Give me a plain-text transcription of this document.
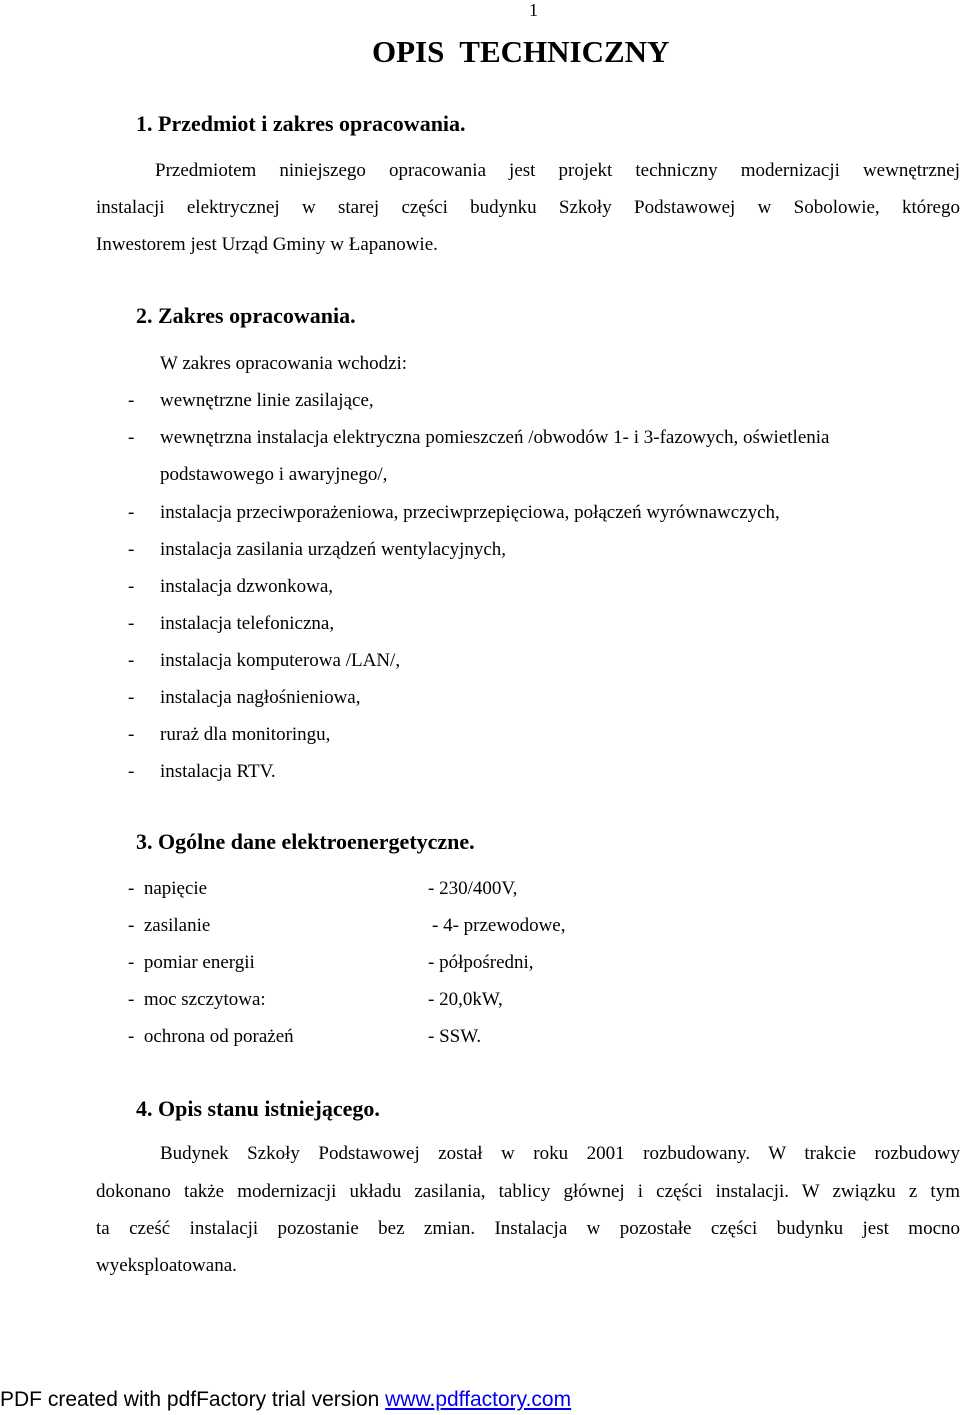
1
OPIS  TECHNICZNY
1. Przedmiot i zakres opracowania.
Przedmiotem niniejszego opracowania jest projekt techniczny modernizacji wewnętrznej
instalacji elektrycznej w starej części budynku Szkoły Podstawowej w Sobolowie, którego
Inwestorem jest Urząd Gminy w Łapanowie.
2. Zakres opracowania.
W zakres opracowania wchodzi:
- wewnętrzne linie zasilające,
- wewnętrzna instalacja elektryczna pomieszczeń /obwodów 1- i 3-fazowych, oświetlenia
podstawowego i awaryjnego/,
- instalacja przeciwporażeniowa, przeciwprzepięciowa, połączeń wyrównawczych,
- instalacja zasilania urządzeń wentylacyjnych,
- instalacja dzwonkowa,
- instalacja telefoniczna,
- instalacja komputerowa /LAN/,
- instalacja nagłośnieniowa,
- ruraż dla monitoringu,
- instalacja RTV.
3. Ogólne dane elektroenergetyczne.
-  napięcie	- 230/400V,
-  zasilanie	- 4- przewodowe,
-  pomiar energii	- półpośredni,
-  moc szczytowa:	- 20,0kW,
-  ochrona od porażeń	- SSW.
4. Opis stanu istniejącego.
Budynek Szkoły Podstawowej został w roku 2001 rozbudowany. W trakcie rozbudowy
dokonano także modernizacji układu zasilania, tablicy głównej i części instalacji. W związku z tym
ta cześć instalacji pozostanie bez zmian. Instalacja w pozostałe części budynku jest mocno
wyeksploatowana.
PDF created with pdfFactory trial version www.pdffactory.com
